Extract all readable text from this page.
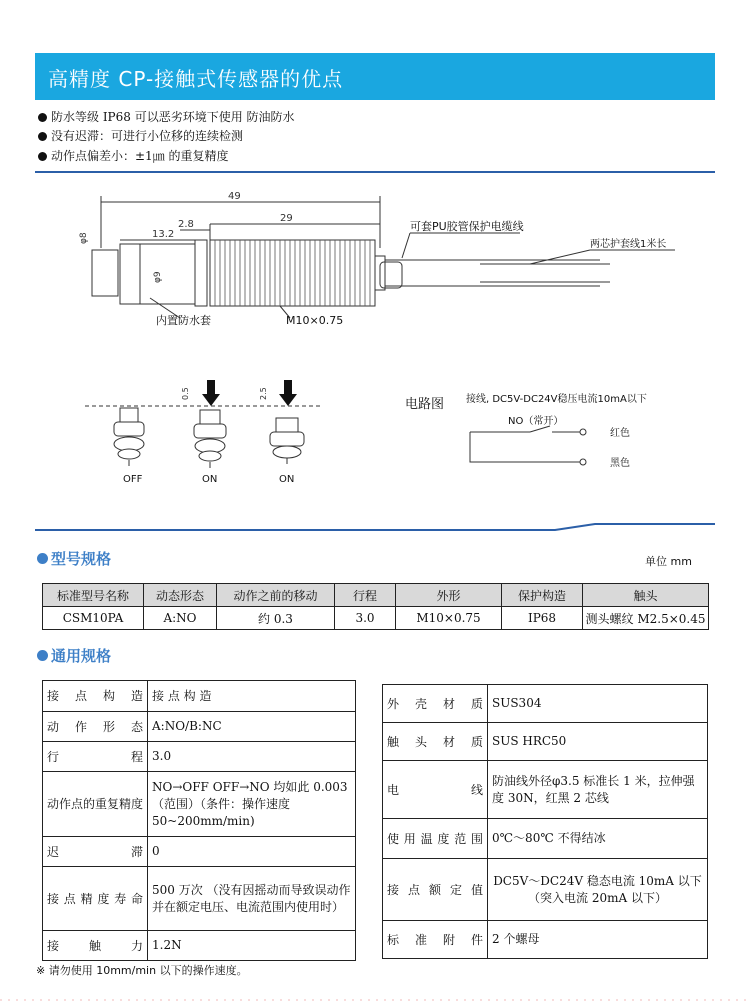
高精度 CP-接触式传感器的优点
防水等级 IP68 可以恶劣环境下使用 防油防水
没有迟滞：可进行小位移的连续检测
动作点偏差小：±1㎛ 的重复精度
49
2.8
13.2
29
φ8
φ9
可套PU胶管保护电缆线
两芯护套线1米长
内置防水套	M10×0.75
0.5	2.5
OFF	ON	ON
电路图 接线, DC5V-DC24V稳压电流10mA以下
NO（常开）
红色
黑色
型号规格	单位 mm
标准型号名称	动态形态	动作之前的移动	行程	外形	保护构造	触头
CSM10PA	A:NO	约 0.3	3.0	M10×0.75	IP68	测头螺纹 M2.5×0.45
通用规格
接点构造	接 点 构 造
动作形态	A:NO/B:NC
行程	3.0
动作点的重复精度	NO→OFF OFF→NO 均如此 0.003（范围）（条件：操作速度 50~200mm/min)
迟滞	0
接点精度寿命	500 万次 （没有因摇动而导致误动作并在额定电压、电流范围内使用时）
接触力	1.2N
外壳材质	SUS304
触头材质	SUS HRC50
电线	防油线外径φ3.5 标准长 1 米，拉伸强度 30N，红黑 2 芯线
使用温度范围	0℃～80℃ 不得结冰
接点额定值	DC5V～DC24V 稳态电流 10mA 以下（突入电流 20mA 以下）
标准附件	2 个螺母
※ 请勿使用 10mm/min 以下的操作速度。
